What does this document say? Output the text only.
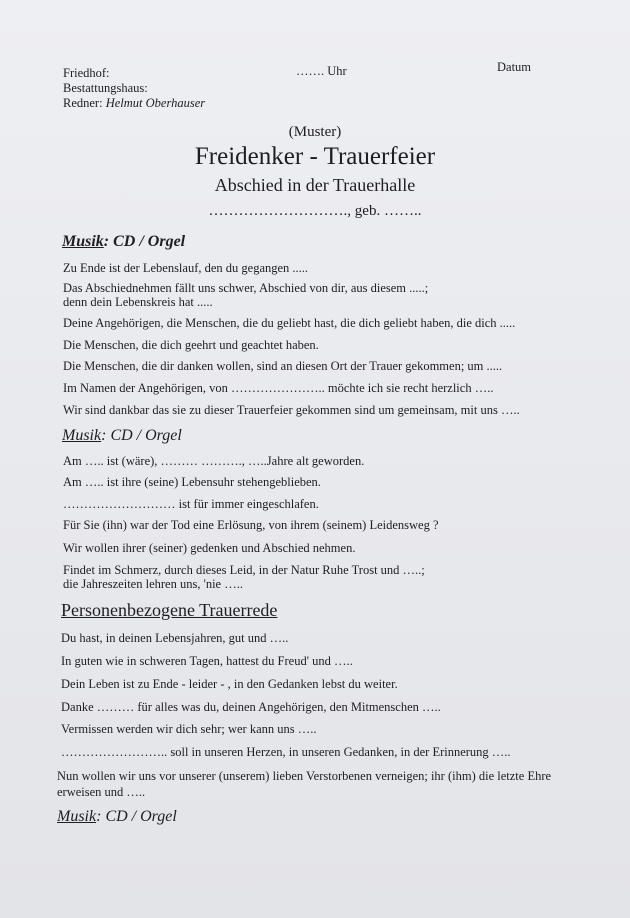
Friedhof:	……. Uhr	Datum
Bestattungshaus:
Redner: Helmut Oberhauser
(Muster)
Freidenker - Trauerfeier
Abschied in der Trauerhalle
………………………., geb. ……..
Musik: CD / Orgel
Zu Ende ist der Lebenslauf, den du gegangen .....
Das Abschiednehmen fällt uns schwer, Abschied von dir, aus diesem .....;
denn dein Lebenskreis hat .....
Deine Angehörigen, die Menschen, die du geliebt hast, die dich geliebt haben, die dich .....
Die Menschen, die dich geehrt und geachtet haben.
Die Menschen, die dir danken wollen, sind an diesen Ort der Trauer gekommen; um .....
Im Namen der Angehörigen, von ………………….. möchte ich sie recht herzlich …..
Wir sind dankbar das sie zu dieser Trauerfeier gekommen sind um gemeinsam, mit uns …..
Musik: CD / Orgel
Am ….. ist (wäre), ……… ………., …..Jahre alt geworden.
Am ….. ist ihre (seine) Lebensuhr stehengeblieben.
……………………… ist für immer eingeschlafen.
Für Sie (ihn) war der Tod eine Erlösung, von ihrem (seinem) Leidensweg ?
Wir wollen ihrer (seiner) gedenken und Abschied nehmen.
Findet im Schmerz, durch dieses Leid, in der Natur Ruhe Trost und …..;
die Jahreszeiten lehren uns, 'nie …..
Personenbezogene Trauerrede
Du hast, in deinen Lebensjahren, gut und …..
In guten wie in schweren Tagen, hattest du Freud' und …..
Dein Leben ist zu Ende - leider - , in den Gedanken lebst du weiter.
Danke ……… für alles was du, deinen Angehörigen, den Mitmenschen …..
Vermissen werden wir dich sehr; wer kann uns …..
…………………….. soll in unseren Herzen, in unseren Gedanken, in der Erinnerung …..
Nun wollen wir uns vor unserer (unserem) lieben Verstorbenen verneigen; ihr (ihm) die letzte Ehre
erweisen und …..
Musik: CD / Orgel
